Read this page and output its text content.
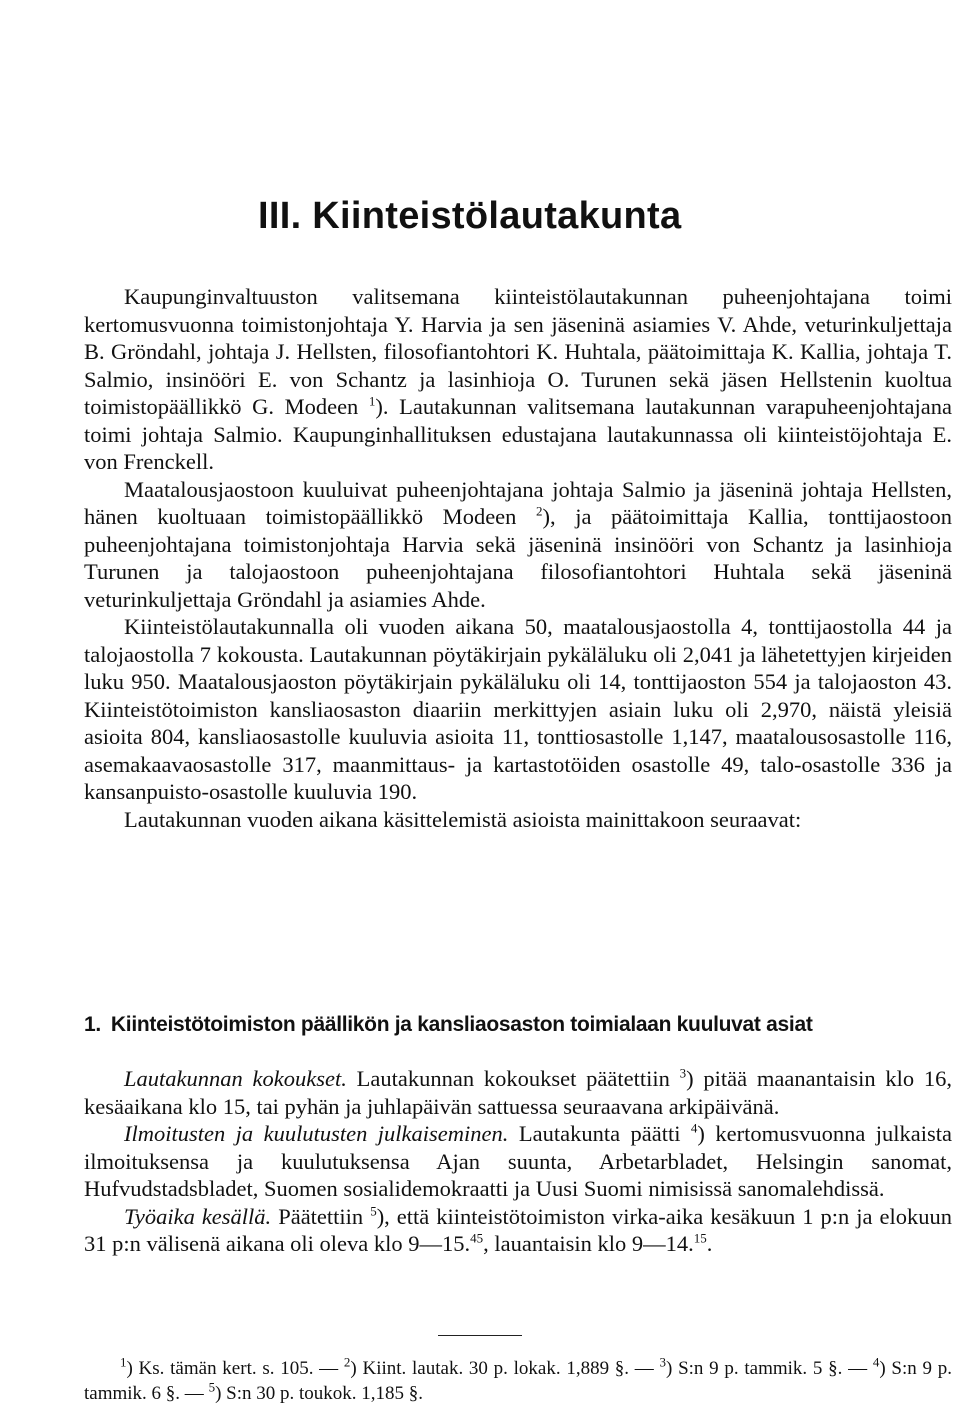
III. Kiinteistölautakunta

Kaupunginvaltuuston valitsemana kiinteistölautakunnan puheenjohtajana toimi kertomusvuonna toimistonjohtaja Y. Harvia ja sen jäseninä asiamies V. Ahde, veturinkuljettaja B. Gröndahl, johtaja J. Hellsten, filosofiantohtori K. Huhtala, päätoimittaja K. Kallia, johtaja T. Salmio, insinööri E. von Schantz ja lasinhioja O. Turunen sekä jäsen Hellstenin kuoltua toimistopäällikkö G. Modeen $^1$). Lautakunnan valitsemana lautakunnan varapuheenjohtajana toimi johtaja Salmio. Kaupunginhallituksen edustajana lautakunnassa oli kiinteistöjohtaja E. von Frenckell.

Maatalousjaostoon kuuluivat puheenjohtajana johtaja Salmio ja jäseninä johtaja Hellsten, hänen kuoltuaan toimistopäällikkö Modeen $^2$), ja päätoimittaja Kallia, tonttijaostoon puheenjohtajana toimistonjohtaja Harvia sekä jäseninä insinööri von Schantz ja lasinhioja Turunen ja talojaostoon puheenjohtajana filosofiantohtori Huhtala sekä jäseninä veturinkuljettaja Gröndahl ja asiamies Ahde.

Kiinteistölautakunnalla oli vuoden aikana 50, maatalousjaostolla 4, tonttijaostolla 44 ja talojaostolla 7 kokousta. Lautakunnan pöytäkirjain pykäläluku oli 2,041 ja lähetettyjen kirjeiden luku 950. Maatalousjaoston pöytäkirjain pykäläluku oli 14, tonttijaoston 554 ja talojaoston 43. Kiinteistötoimiston kansliaosaston diaariin merkittyjen asiain luku oli 2,970, näistä yleisiä asioita 804, kansliaosastolle kuuluvia asioita 11, tonttiosastolle 1,147, maatalousosastolle 116, asemakaavaosastolle 317, maanmittaus- ja kartastotöiden osastolle 49, talo-osastolle 336 ja kansanpuisto-osastolle kuuluvia 190.

Lautakunnan vuoden aikana käsittelemistä asioista mainittakoon seuraavat:

1. Kiinteistötoimiston päällikön ja kansliaosaston toimialaan kuuluvat asiat

Lautakunnan kokoukset. Lautakunnan kokoukset päätettiin $^3$) pitää maanantaisin klo 16, kesäaikana klo 15, tai pyhän ja juhlapäivän sattuessa seuraavana arkipäivänä.

Ilmoitusten ja kuulutusten julkaiseminen. Lautakunta päätti $^4$) kertomusvuonna julkaista ilmoituksensa ja kuulutuksensa Ajan suunta, Arbetarbladet, Helsingin sanomat, Hufvudstadsbladet, Suomen sosialidemokraatti ja Uusi Suomi nimisissä sanomalehdissä.

Työaika kesällä. Päätettiin $^5$), että kiinteistötoimiston virka-aika kesäkuun 1 p:n ja elokuun 31 p:n välisenä aikana oli oleva klo 9—15.45, lauantaisin klo 9—14.15.

$^1$) Ks. tämän kert. s. 105. — $^2$) Kiint. lautak. 30 p. lokak. 1,889 §. — $^3$) S:n 9 p. tammik. 5 §. — $^4$) S:n 9 p. tammik. 6 §. — $^5$) S:n 30 p. toukok. 1,185 §.
